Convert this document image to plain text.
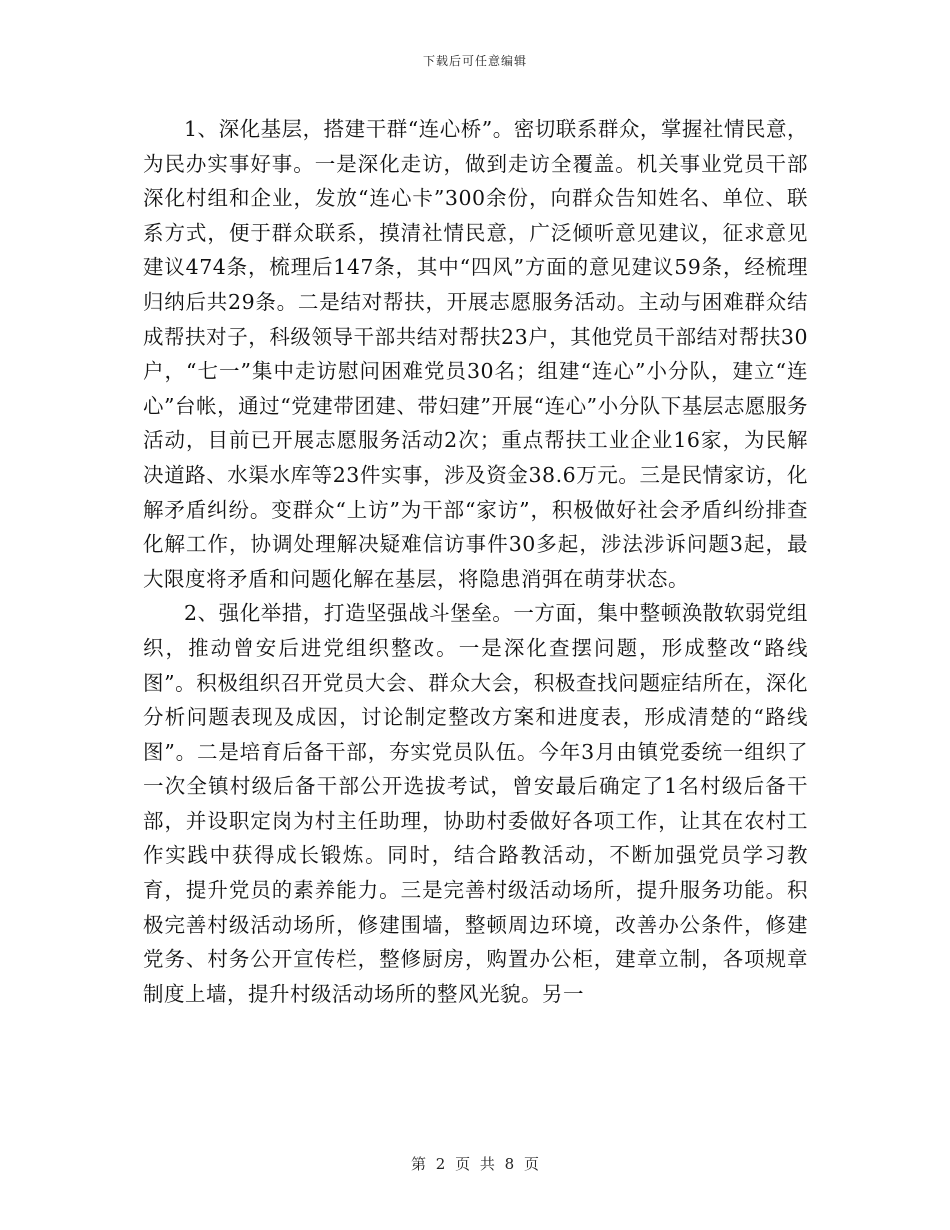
下载后可任意编辑

1、深化基层，搭建干群“连心桥”。密切联系群众，掌握社情民意，为民办实事好事。一是深化走访，做到走访全覆盖。机关事业党员干部深化村组和企业，发放“连心卡”300余份，向群众告知姓名、单位、联系方式，便于群众联系，摸清社情民意，广泛倾听意见建议，征求意见建议474条，梳理后147条，其中“四风”方面的意见建议59条，经梳理归纳后共29条。二是结对帮扶，开展志愿服务活动。主动与困难群众结成帮扶对子，科级领导干部共结对帮扶23户，其他党员干部结对帮扶30户，“七一”集中走访慰问困难党员30名；组建“连心”小分队，建立“连心”台帐，通过“党建带团建、带妇建”开展“连心”小分队下基层志愿服务活动，目前已开展志愿服务活动2次；重点帮扶工业企业16家，为民解决道路、水渠水库等23件实事，涉及资金38.6万元。三是民情家访，化解矛盾纠纷。变群众“上访”为干部“家访”，积极做好社会矛盾纠纷排查化解工作，协调处理解决疑难信访事件30多起，涉法涉诉问题3起，最大限度将矛盾和问题化解在基层，将隐患消弭在萌芽状态。

2、强化举措，打造坚强战斗堡垒。一方面，集中整顿涣散软弱党组织，推动曾安后进党组织整改。一是深化查摆问题，形成整改“路线图”。积极组织召开党员大会、群众大会，积极查找问题症结所在，深化分析问题表现及成因，讨论制定整改方案和进度表，形成清楚的“路线图”。二是培育后备干部，夯实党员队伍。今年3月由镇党委统一组织了一次全镇村级后备干部公开选拔考试，曾安最后确定了1名村级后备干部，并设职定岗为村主任助理，协助村委做好各项工作，让其在农村工作实践中获得成长锻炼。同时，结合路教活动，不断加强党员学习教育，提升党员的素养能力。三是完善村级活动场所，提升服务功能。积极完善村级活动场所，修建围墙，整顿周边环境，改善办公条件，修建党务、村务公开宣传栏，整修厨房，购置办公柜，建章立制，各项规章制度上墙，提升村级活动场所的整风光貌。另一

第 2 页 共 8 页
